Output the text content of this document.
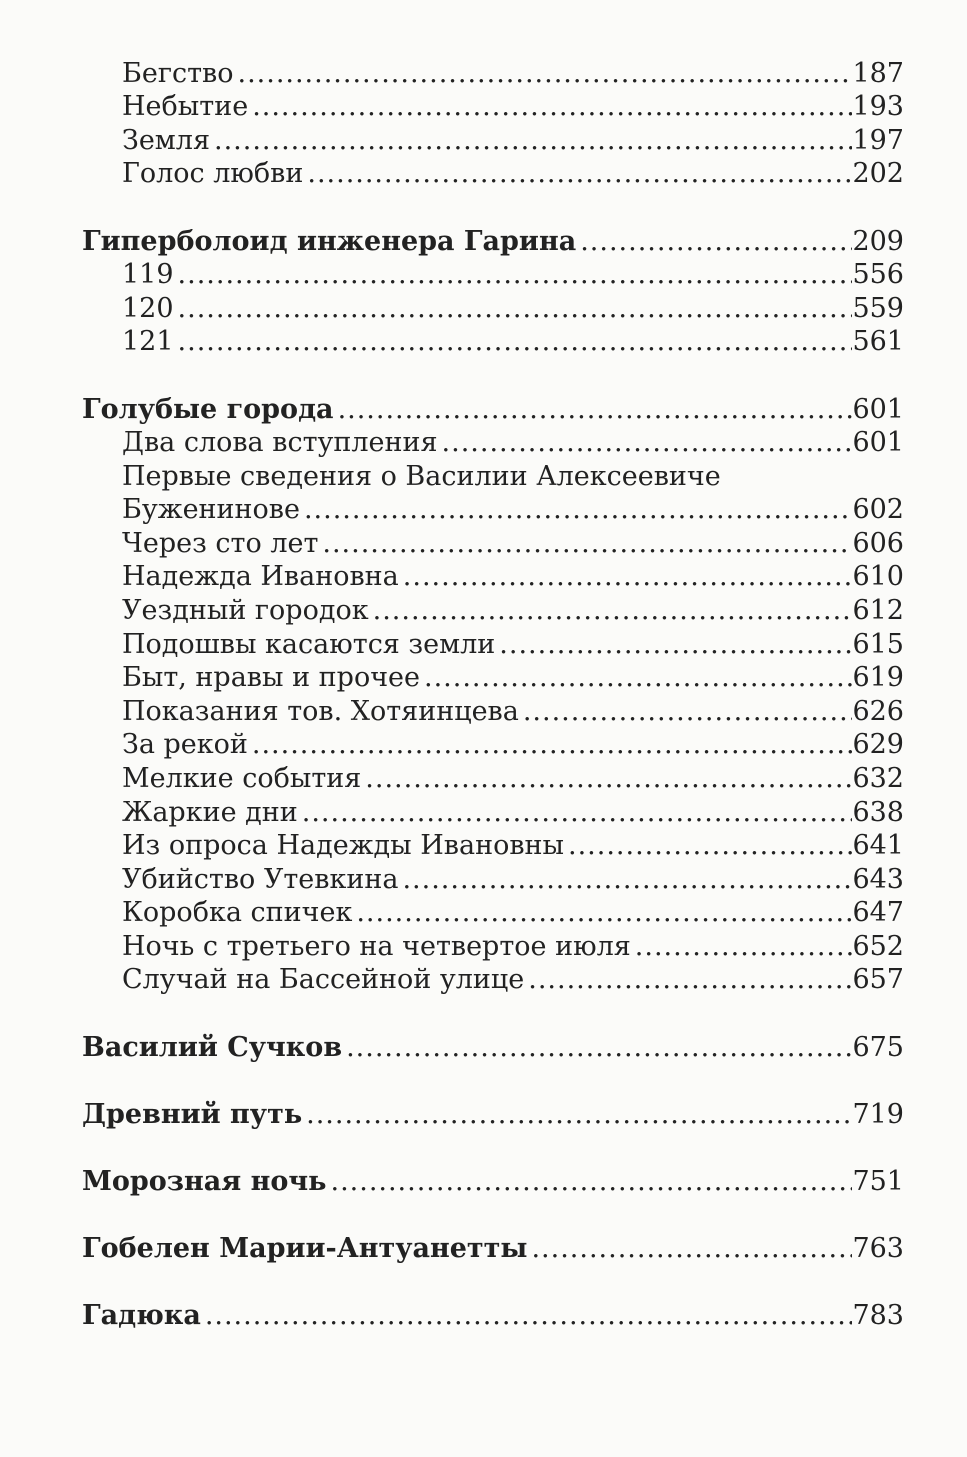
Бегство .....	187
Небытие .....	193
Земля .....	197
Голос любви .....	202
Гиперболоид инженера Гарина .....	209
119 .....	556
120 .....	559
121 .....	561
Голубые города .....	601
Два слова вступления .....	601
Первые сведения о Василии Алексеевиче
Буженинове .....	602
Через сто лет .....	606
Надежда Ивановна .....	610
Уездный городок .....	612
Подошвы касаются земли .....	615
Быт, нравы и прочее .....	619
Показания тов. Хотяинцева .....	626
За рекой .....	629
Мелкие события .....	632
Жаркие дни .....	638
Из опроса Надежды Ивановны .....	641
Убийство Утевкина .....	643
Коробка спичек .....	647
Ночь с третьего на четвертое июля .....	652
Случай на Бассейной улице .....	657
Василий Сучков .....	675
Древний путь .....	719
Морозная ночь .....	751
Гобелен Марии-Антуанетты .....	763
Гадюка .....	783
